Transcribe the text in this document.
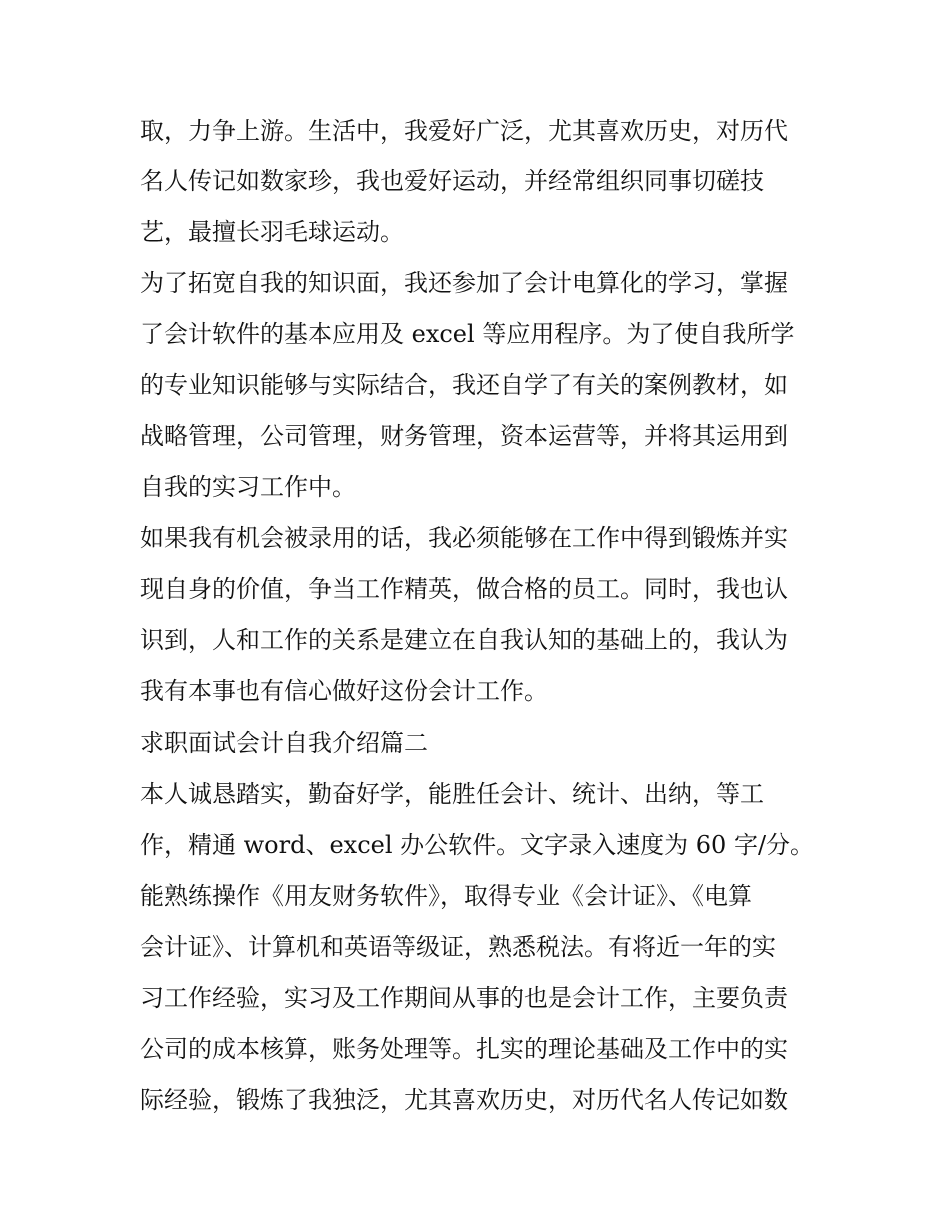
取，力争上游。生活中，我爱好广泛，尤其喜欢历史，对历代
名人传记如数家珍，我也爱好运动，并经常组织同事切磋技
艺，最擅长羽毛球运动。
为了拓宽自我的知识面，我还参加了会计电算化的学习，掌握
了会计软件的基本应用及 excel 等应用程序。为了使自我所学
的专业知识能够与实际结合，我还自学了有关的案例教材，如
战略管理，公司管理，财务管理，资本运营等，并将其运用到
自我的实习工作中。
如果我有机会被录用的话，我必须能够在工作中得到锻炼并实
现自身的价值，争当工作精英，做合格的员工。同时，我也认
识到，人和工作的关系是建立在自我认知的基础上的，我认为
我有本事也有信心做好这份会计工作。
求职面试会计自我介绍篇二
本人诚恳踏实，勤奋好学，能胜任会计、统计、出纳，等工
作，精通 word、excel 办公软件。文字录入速度为 60 字/分。
能熟练操作《用友财务软件》，取得专业《会计证》、《电算
会计证》、计算机和英语等级证，熟悉税法。有将近一年的实
习工作经验，实习及工作期间从事的也是会计工作，主要负责
公司的成本核算，账务处理等。扎实的理论基础及工作中的实
际经验，锻炼了我独泛，尤其喜欢历史，对历代名人传记如数
